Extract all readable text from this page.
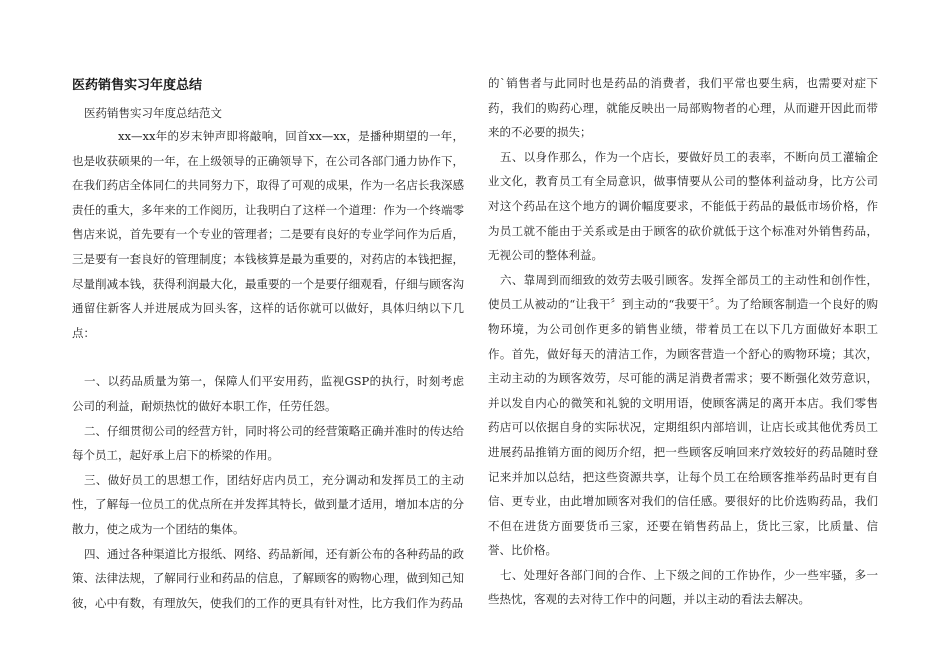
医药销售实习年度总结

医药销售实习年度总结范文

xx—xx年的岁末钟声即将敲响，回首xx—xx，是播种期望的一年，也是收获硕果的一年，在上级领导的正确领导下，在公司各部门通力协作下，在我们药店全体同仁的共同努力下，取得了可观的成果，作为一名店长我深感责任的重大，多年来的工作阅历，让我明白了这样一个道理：作为一个终端零售店来说，首先要有一个专业的管理者；二是要有良好的专业学问作为后盾，三是要有一套良好的管理制度；本钱核算是最为重要的，对药店的本钱把握，尽量削减本钱，获得利润最大化，最重要的一个是要仔细观看，仔细与顾客沟通留住新客人并进展成为回头客，这样的话你就可以做好，具体归纳以下几点：

一、以药品质量为第一，保障人们平安用药，监视GSP的执行，时刻考虑公司的利益，耐烦热忱的做好本职工作，任劳任怨。

二、仔细贯彻公司的经营方针，同时将公司的经营策略正确并准时的传达给每个员工，起好承上启下的桥梁的作用。

三、做好员工的思想工作，团结好店内员工，充分调动和发挥员工的主动性，了解每一位员工的优点所在并发挥其特长，做到量才适用，增加本店的分散力，使之成为一个团结的集体。

四、通过各种渠道比方报纸、网络、药品新闻，还有新公布的各种药品的政策、法律法规，了解同行业和药品的信息，了解顾客的购物心理，做到知己知彼，心中有数，有理放矢，使我们的工作的更具有针对性，比方我们作为药品

的`销售者与此同时也是药品的消费者，我们平常也要生病，也需要对症下药，我们的购药心理，就能反映出一局部购物者的心理，从而避开因此而带来的不必要的损失；

五、以身作那么，作为一个店长，要做好员工的表率，不断向员工灌输企业文化，教育员工有全局意识，做事情要从公司的整体利益动身，比方公司对这个药品在这个地方的调价幅度要求，不能低于药品的最低市场价格，作为员工就不能由于关系或是由于顾客的砍价就低于这个标准对外销售药品，无视公司的整体利益。

六、靠周到而细致的效劳去吸引顾客。发挥全部员工的主动性和创作性，使员工从被动的“让我干〞到主动的“我要干〞。为了给顾客制造一个良好的购物环境，为公司创作更多的销售业绩，带着员工在以下几方面做好本职工作。首先，做好每天的清洁工作，为顾客营造一个舒心的购物环境；其次，主动主动的为顾客效劳，尽可能的满足消费者需求；要不断强化效劳意识，并以发自内心的微笑和礼貌的文明用语，使顾客满足的离开本店。我们零售药店可以依据自身的实际状况，定期组织内部培训，让店长或其他优秀员工进展药品推销方面的阅历介绍，把一些顾客反响回来疗效较好的药品随时登记来并加以总结，把这些资源共享，让每个员工在给顾客推举药品时更有自信、更专业，由此增加顾客对我们的信任感。要很好的比价选购药品，我们不但在进货方面要货币三家，还要在销售药品上，货比三家，比质量、信誉、比价格。

七、处理好各部门间的合作、上下级之间的工作协作，少一些牢骚，多一些热忱，客观的去对待工作中的问题，并以主动的看法去解决。
